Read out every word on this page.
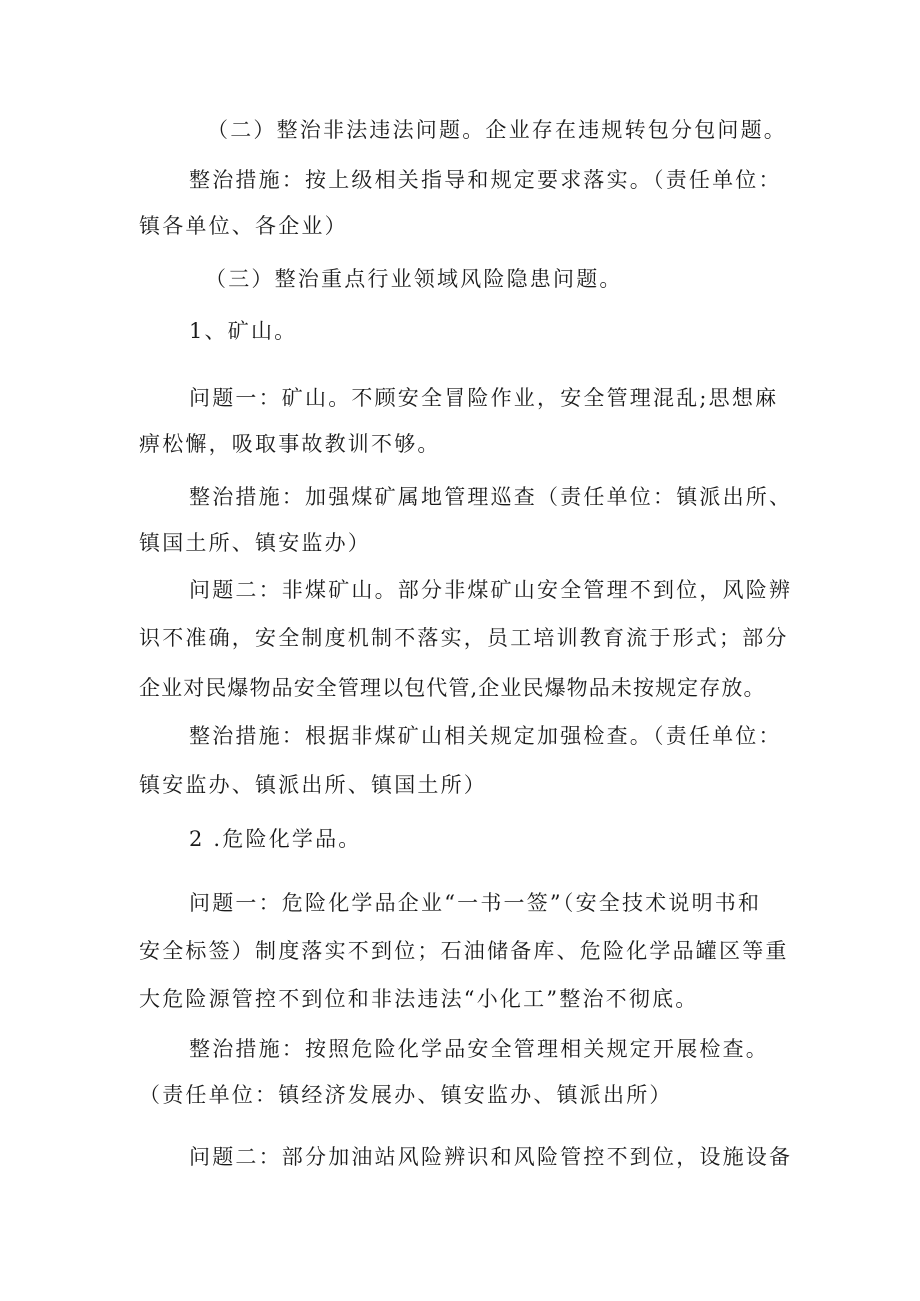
（二）整治非法违法问题。企业存在违规转包分包问题。
整治措施：按上级相关指导和规定要求落实。（责任单位：
镇各单位、各企业）
（三）整治重点行业领域风险隐患问题。
1、矿山。
问题一：矿山。不顾安全冒险作业，安全管理混乱;思想麻
痹松懈，吸取事故教训不够。
整治措施：加强煤矿属地管理巡查（责任单位：镇派出所、
镇国土所、镇安监办）
问题二：非煤矿山。部分非煤矿山安全管理不到位，风险辨
识不准确，安全制度机制不落实，员工培训教育流于形式；部分
企业对民爆物品安全管理以包代管,企业民爆物品未按规定存放。
整治措施：根据非煤矿山相关规定加强检查。（责任单位：
镇安监办、镇派出所、镇国土所）
2 .危险化学品。
问题一：危险化学品企业“一书一签”（安全技术说明书和
安全标签）制度落实不到位；石油储备库、危险化学品罐区等重
大危险源管控不到位和非法违法“小化工”整治不彻底。
整治措施：按照危险化学品安全管理相关规定开展检查。
（责任单位：镇经济发展办、镇安监办、镇派出所）
问题二：部分加油站风险辨识和风险管控不到位，设施设备
